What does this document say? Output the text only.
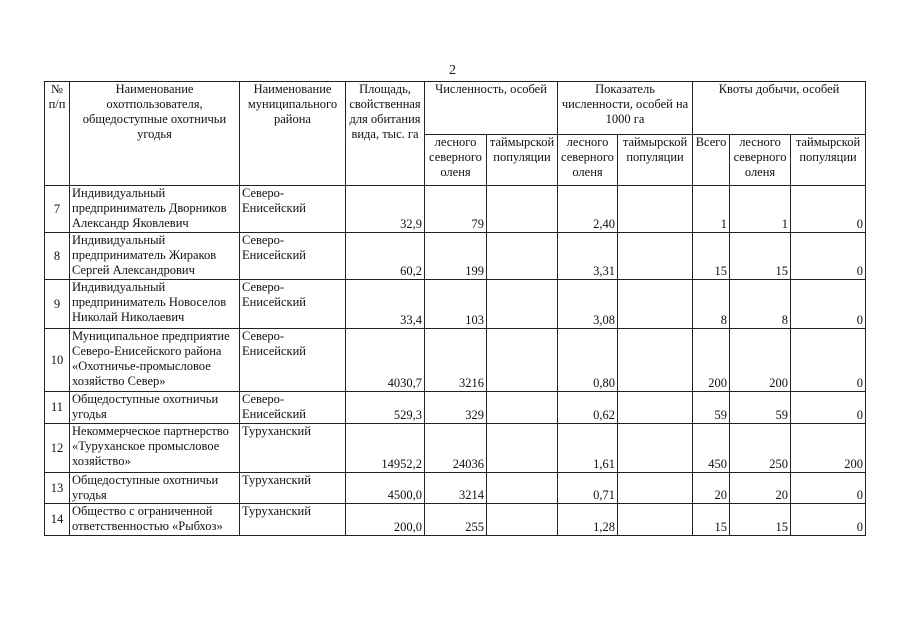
2
№ п/п	Наименование охотпользователя, общедоступные охотничьи угодья	Наименование муниципального района	Площадь, свойственная для обитания вида, тыс. га	Численность, особей		Показатель численности, особей на 1000 га		Квоты добычи, особей		
				лесного северного оленя	таймырской популяции	лесного северного оленя	таймырской популяции	Всего	лесного северного оленя	таймырской популяции
7	Индивидуальный предприниматель Дворников Александр Яковлевич	Северо-Енисейский	32,9	79		2,40		1	1	0
8	Индивидуальный предприниматель Жираков Сергей Александрович	Северо-Енисейский	60,2	199		3,31		15	15	0
9	Индивидуальный предприниматель Новоселов Николай Николаевич	Северо-Енисейский	33,4	103		3,08		8	8	0
10	Муниципальное предприятие Северо-Енисейского района «Охотничье-промысловое хозяйство Север»	Северо-Енисейский	4030,7	3216		0,80		200	200	0
11	Общедоступные охотничьи угодья	Северо-Енисейский	529,3	329		0,62		59	59	0
12	Некоммерческое партнерство «Туруханское промысловое хозяйство»	Туруханский	14952,2	24036		1,61		450	250	200
13	Общедоступные охотничьи угодья	Туруханский	4500,0	3214		0,71		20	20	0
14	Общество с ограниченной ответственностью «Рыбхоз»	Туруханский	200,0	255		1,28		15	15	0
